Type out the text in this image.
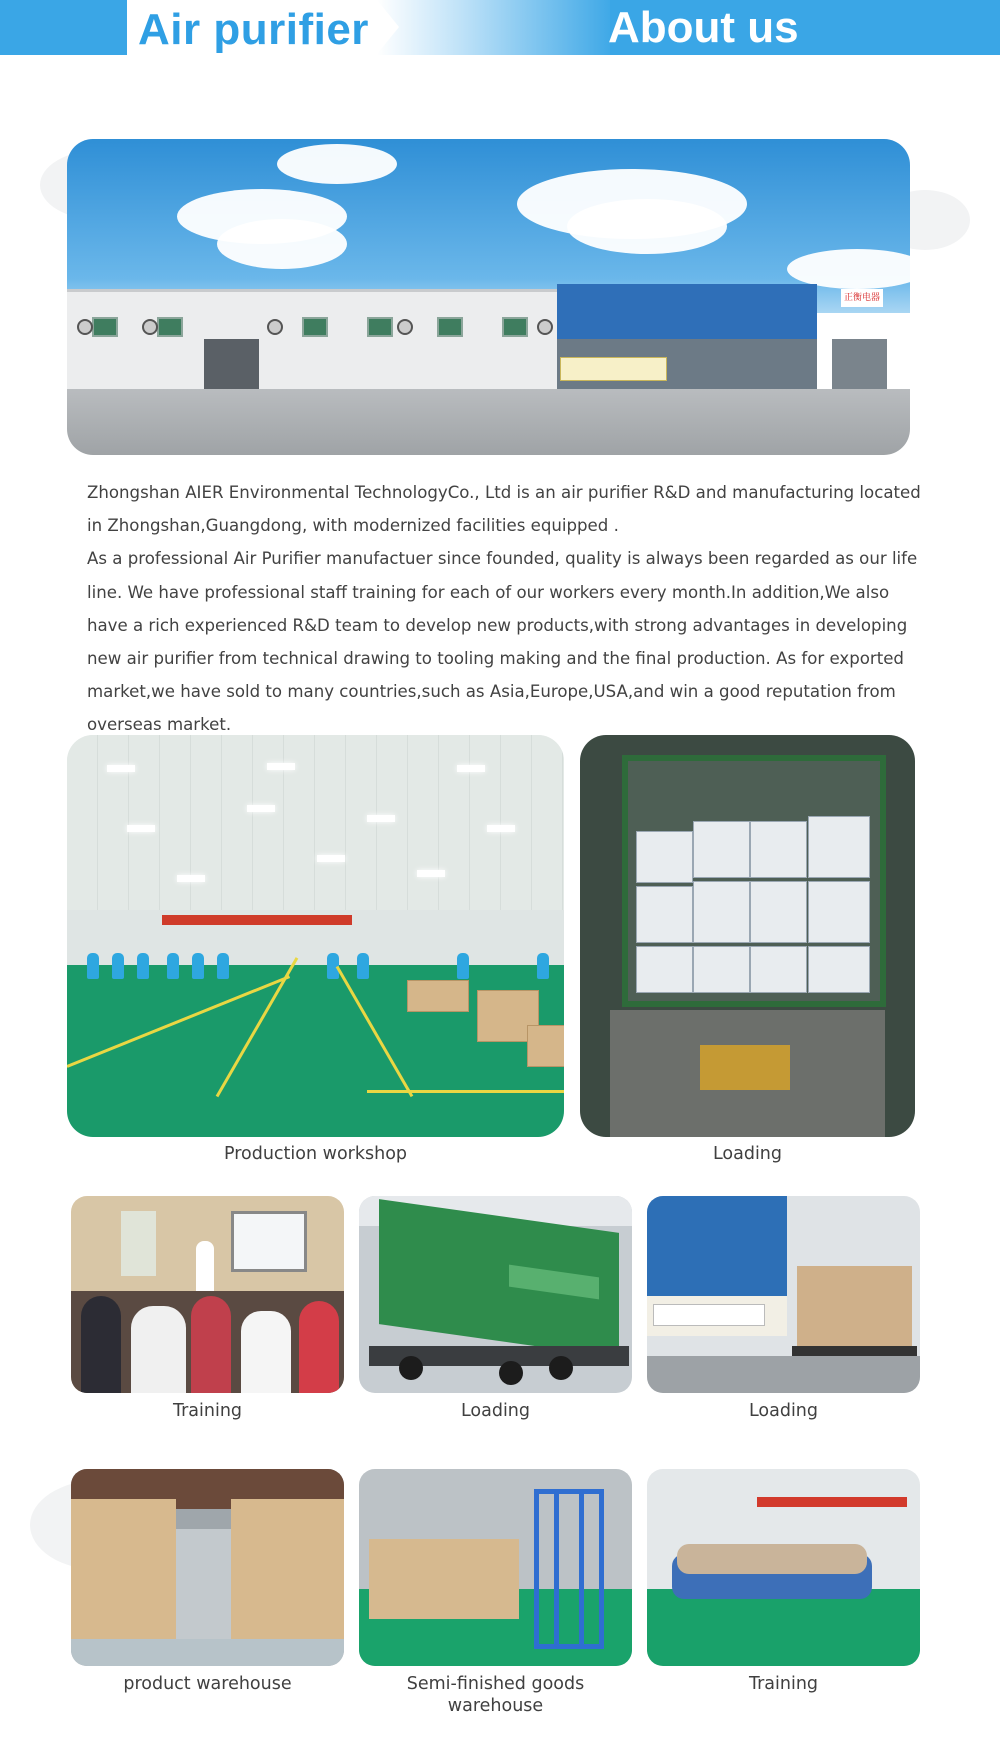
Air purifier	About us
正衡电器

Zhongshan AIER Environmental TechnologyCo., Ltd is an air purifier R&D and manufacturing located in Zhongshan,Guangdong, with modernized facilities equipped .

As a professional Air Purifier manufactuer since founded, quality is always been regarded as our life line. We have professional staff training for each of our workers every month.In addition,We also have a rich experienced R&D team to develop new products,with strong advantages in developing new air purifier from technical drawing to tooling making and the final production. As for exported market,we have sold to many countries,such as Asia,Europe,USA,and win a good reputation from overseas market.

Production workshop	Loading
Training	Loading	Loading
product warehouse	Semi-finished goods warehouse
Training
